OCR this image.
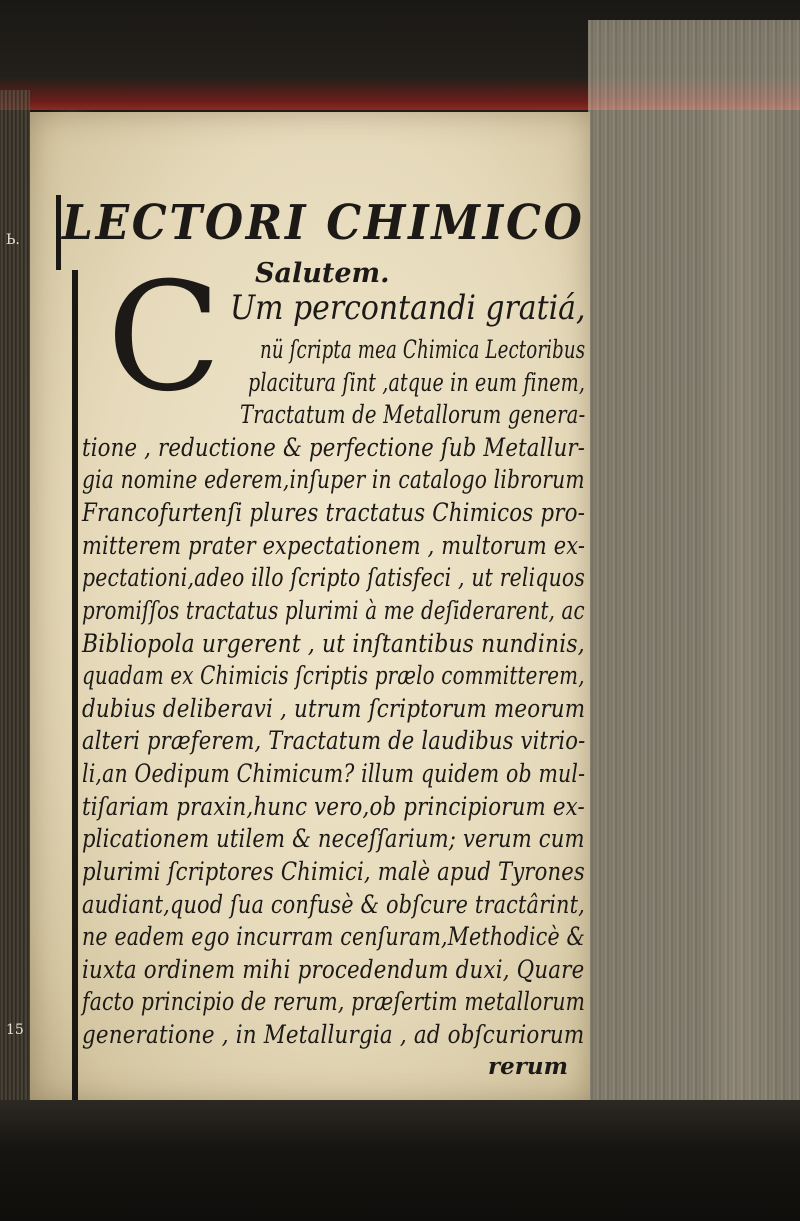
Ь.
15
LECTORI CHIMICO
Salutem.
C Um percontandi gratiá,
nü ſcripta mea Chimica Lectoribus
placitura ſint ,atque in eum finem,
Tractatum de Metallorum genera-
tione , reductione & perfectione ſub Metallur-
gia nomine ederem,inſuper in catalogo librorum
Francofurtenſi plures tractatus Chimicos pro-
mitterem prater expectationem , multorum ex-
pectationi,adeo illo ſcripto ſatisfeci , ut reliquos
promiſſos tractatus plurimi à me deſiderarent, ac
Bibliopola urgerent , ut inſtantibus nundinis,
quadam ex Chimicis ſcriptis prælo committerem,
dubius deliberavi , utrum ſcriptorum meorum
alteri præferem, Tractatum de laudibus vitrio-
li,an Oedipum Chimicum? illum quidem ob mul-
tiſariam praxin,hunc vero,ob principiorum ex-
plicationem utilem & neceſſarium; verum cum
plurimi ſcriptores Chimici, malè apud Tyrones
audiant,quod ſua confusè & obſcure tractârint,
ne eadem ego incurram cenſuram,Methodicè &
iuxta ordinem mihi procedendum duxi, Quare
facto principio de rerum, præſertim metallorum
generatione , in Metallurgia , ad obſcuriorum
rerum
